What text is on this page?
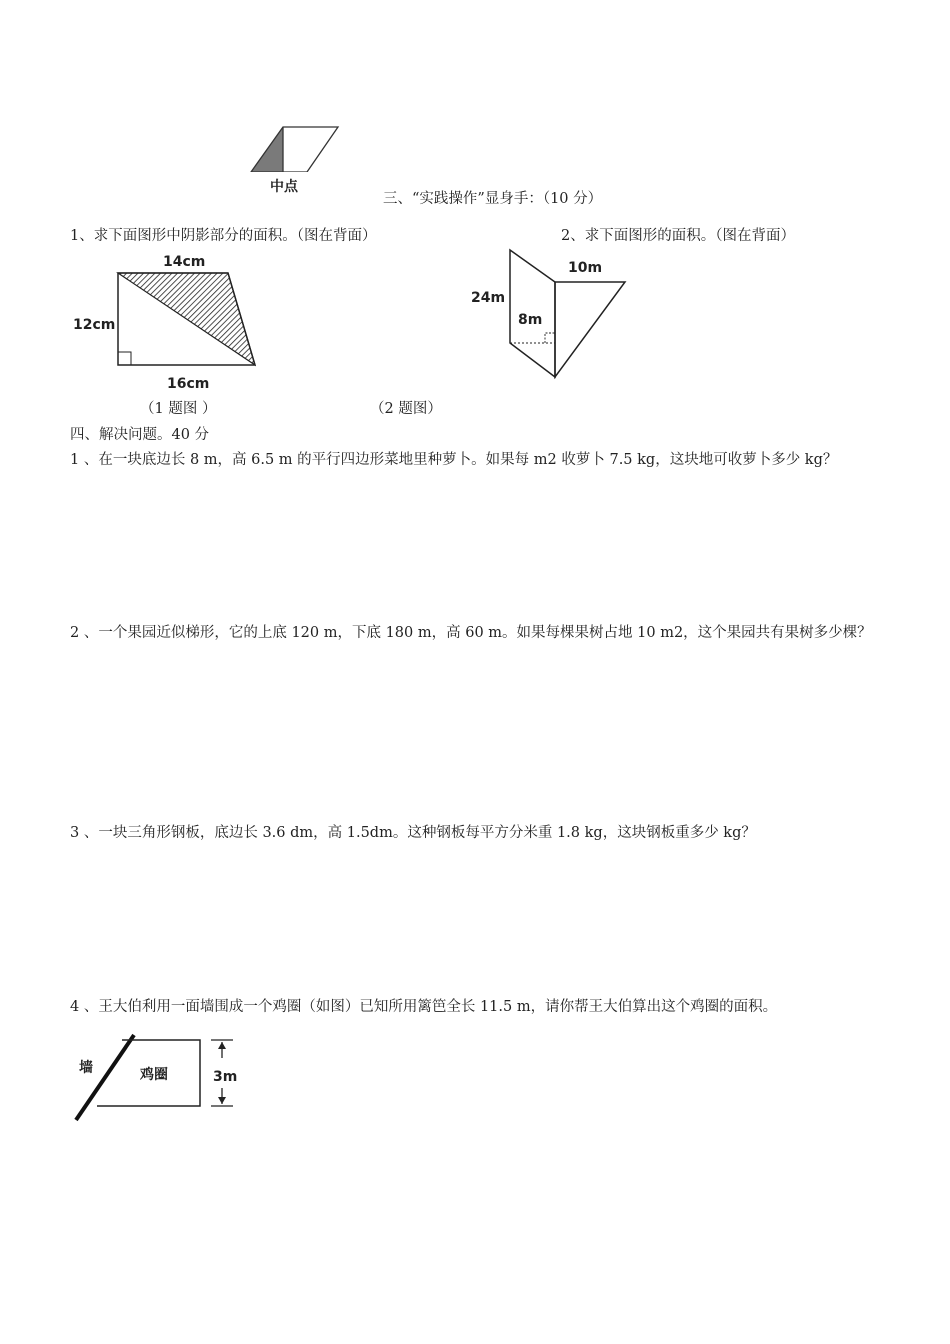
中点
三、“实践操作”显身手：（10 分）
1、求下面图形中阴影部分的面积。（图在背面）	2、求下面图形的面积。（图在背面）
14cm
12cm
16cm
24m
8m
10m
（1 题图 ）	（2 题图）
四、解决问题。40 分
1 、在一块底边长 8 m，高 6.5 m 的平行四边形菜地里种萝卜。如果每 m2 收萝卜 7.5 kg，这块地可收萝卜多少 kg？
2 、一个果园近似梯形，它的上底 120 m，下底 180 m，高 60 m。如果每棵果树占地 10 m2，这个果园共有果树多少棵？
3 、一块三角形钢板，底边长 3.6 dm，高 1.5dm。这种钢板每平方分米重 1.8 kg，这块钢板重多少 kg？
4 、王大伯利用一面墙围成一个鸡圈（如图）已知所用篱笆全长 11.5 m，请你帮王大伯算出这个鸡圈的面积。
墙	鸡圈	3m
